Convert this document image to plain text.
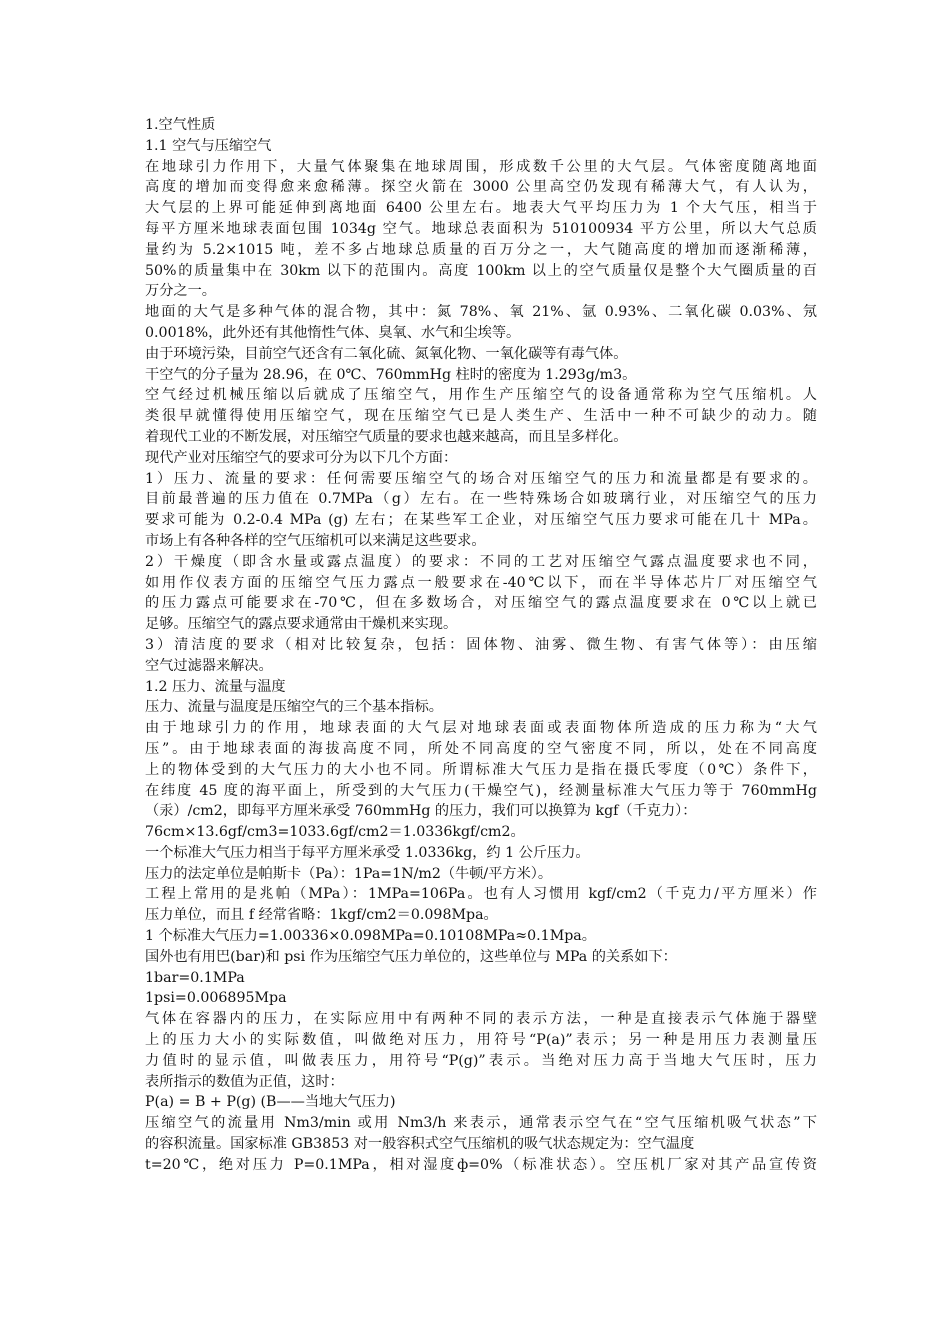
1.空气性质
1.1 空气与压缩空气
在地球引力作用下，大量气体聚集在地球周围，形成数千公里的大气层。气体密度随离地面
高度的增加而变得愈来愈稀薄。探空火箭在 3000 公里高空仍发现有稀薄大气，有人认为，
大气层的上界可能延伸到离地面 6400 公里左右。地表大气平均压力为 1 个大气压，相当于
每平方厘米地球表面包围 1034g 空气。地球总表面积为 510100934 平方公里，所以大气总质
量约为 5.2×1015 吨，差不多占地球总质量的百万分之一，大气随高度的增加而逐渐稀薄，
50%的质量集中在 30km 以下的范围内。高度 100km 以上的空气质量仅是整个大气圈质量的百
万分之一。
地面的大气是多种气体的混合物，其中：氮 78%、氧 21%、氩 0.93%、二氧化碳 0.03%、氖
0.0018%，此外还有其他惰性气体、臭氧、水气和尘埃等。
由于环境污染，目前空气还含有二氧化硫、氮氧化物、一氧化碳等有毒气体。
干空气的分子量为 28.96，在 0℃、760mmHg 柱时的密度为 1.293g/m3。
空气经过机械压缩以后就成了压缩空气，用作生产压缩空气的设备通常称为空气压缩机。人
类很早就懂得使用压缩空气，现在压缩空气已是人类生产、生活中一种不可缺少的动力。随
着现代工业的不断发展，对压缩空气质量的要求也越来越高，而且呈多样化。
现代产业对压缩空气的要求可分为以下几个方面：
1）压力、流量的要求：任何需要压缩空气的场合对压缩空气的压力和流量都是有要求的。
目前最普遍的压力值在 0.7MPa（g）左右。在一些特殊场合如玻璃行业，对压缩空气的压力
要求可能为 0.2-0.4 MPa (g) 左右；在某些军工企业，对压缩空气压力要求可能在几十 MPa。
市场上有各种各样的空气压缩机可以来满足这些要求。
2）干燥度（即含水量或露点温度）的要求：不同的工艺对压缩空气露点温度要求也不同，
如用作仪表方面的压缩空气压力露点一般要求在-40℃以下，而在半导体芯片厂对压缩空气
的压力露点可能要求在-70℃，但在多数场合，对压缩空气的露点温度要求在 0℃以上就已
足够。压缩空气的露点要求通常由干燥机来实现。
3）清洁度的要求（相对比较复杂，包括：固体物、油雾、微生物、有害气体等）：由压缩
空气过滤器来解决。
1.2 压力、流量与温度
压力、流量与温度是压缩空气的三个基本指标。
由于地球引力的作用，地球表面的大气层对地球表面或表面物体所造成的压力称为“大气
压”。由于地球表面的海拔高度不同，所处不同高度的空气密度不同，所以，处在不同高度
上的物体受到的大气压力的大小也不同。所谓标准大气压力是指在摄氏零度（0℃）条件下，
在纬度 45 度的海平面上，所受到的大气压力(干燥空气)，经测量标准大气压力等于 760mmHg
（汞）/cm2，即每平方厘米承受 760mmHg 的压力，我们可以换算为 kgf（千克力）：
76cm×13.6gf/cm3=1033.6gf/cm2＝1.0336kgf/cm2。
一个标准大气压力相当于每平方厘米承受 1.0336kg，约 1 公斤压力。
压力的法定单位是帕斯卡（Pa）：1Pa=1N/m2（牛顿/平方米）。
工程上常用的是兆帕（MPa）：1MPa=106Pa。也有人习惯用 kgf/cm2（千克力/平方厘米）作
压力单位，而且 f 经常省略：1kgf/cm2＝0.098Mpa。
1 个标准大气压力=1.00336×0.098MPa=0.10108MPa≈0.1Mpa。
国外也有用巴(bar)和 psi 作为压缩空气压力单位的，这些单位与 MPa 的关系如下：
1bar=0.1MPa
1psi=0.006895Mpa
气体在容器内的压力，在实际应用中有两种不同的表示方法，一种是直接表示气体施于器壁
上的压力大小的实际数值，叫做绝对压力，用符号“P(a)”表示；另一种是用压力表测量压
力值时的显示值，叫做表压力，用符号“P(g)”表示。当绝对压力高于当地大气压时，压力
表所指示的数值为正值，这时：
P(a) = B + P(g) (B——当地大气压力)
压缩空气的流量用 Nm3/min 或用 Nm3/h 来表示，通常表示空气在“空气压缩机吸气状态”下
的容积流量。国家标准 GB3853 对一般容积式空气压缩机的吸气状态规定为：空气温度
t=20℃，绝对压力 P=0.1MPa，相对湿度ф=0%（标准状态）。空压机厂家对其产品宣传资
